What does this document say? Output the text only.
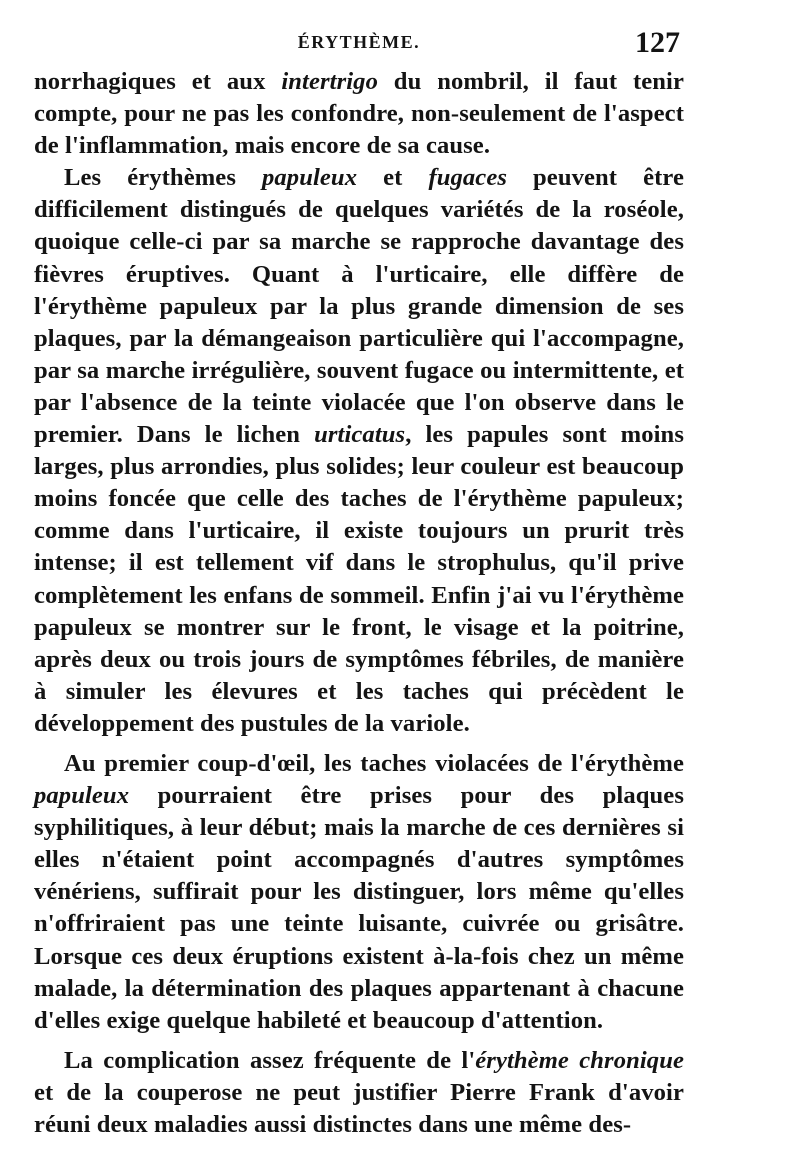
ÉRYTHÈME.	127

norrhagiques et aux intertrigo du nombril, il faut tenir compte, pour ne pas les confondre, non-seulement de l'aspect de l'inflammation, mais encore de sa cause.

Les érythèmes papuleux et fugaces peuvent être difficilement distingués de quelques variétés de la roséole, quoique celle-ci par sa marche se rapproche davantage des fièvres éruptives. Quant à l'urticaire, elle diffère de l'érythème papuleux par la plus grande dimension de ses plaques, par la démangeaison particulière qui l'accompagne, par sa marche irrégulière, souvent fugace ou intermittente, et par l'absence de la teinte violacée que l'on observe dans le premier. Dans le lichen urticatus, les papules sont moins larges, plus arrondies, plus solides; leur couleur est beaucoup moins foncée que celle des taches de l'érythème papuleux; comme dans l'urticaire, il existe toujours un prurit très intense; il est tellement vif dans le strophulus, qu'il prive complètement les enfans de sommeil. Enfin j'ai vu l'érythème papuleux se montrer sur le front, le visage et la poitrine, après deux ou trois jours de symptômes fébriles, de manière à simuler les élevures et les taches qui précèdent le développement des pustules de la variole.

Au premier coup-d'œil, les taches violacées de l'érythème papuleux pourraient être prises pour des plaques syphilitiques, à leur début; mais la marche de ces dernières si elles n'étaient point accompagnés d'autres symptômes vénériens, suffirait pour les distinguer, lors même qu'elles n'offriraient pas une teinte luisante, cuivrée ou grisâtre. Lorsque ces deux éruptions existent à-la-fois chez un même malade, la détermination des plaques appartenant à chacune d'elles exige quelque habileté et beaucoup d'attention.

La complication assez fréquente de l'érythème chronique et de la couperose ne peut justifier Pierre Frank d'avoir réuni deux maladies aussi distinctes dans une même des-
